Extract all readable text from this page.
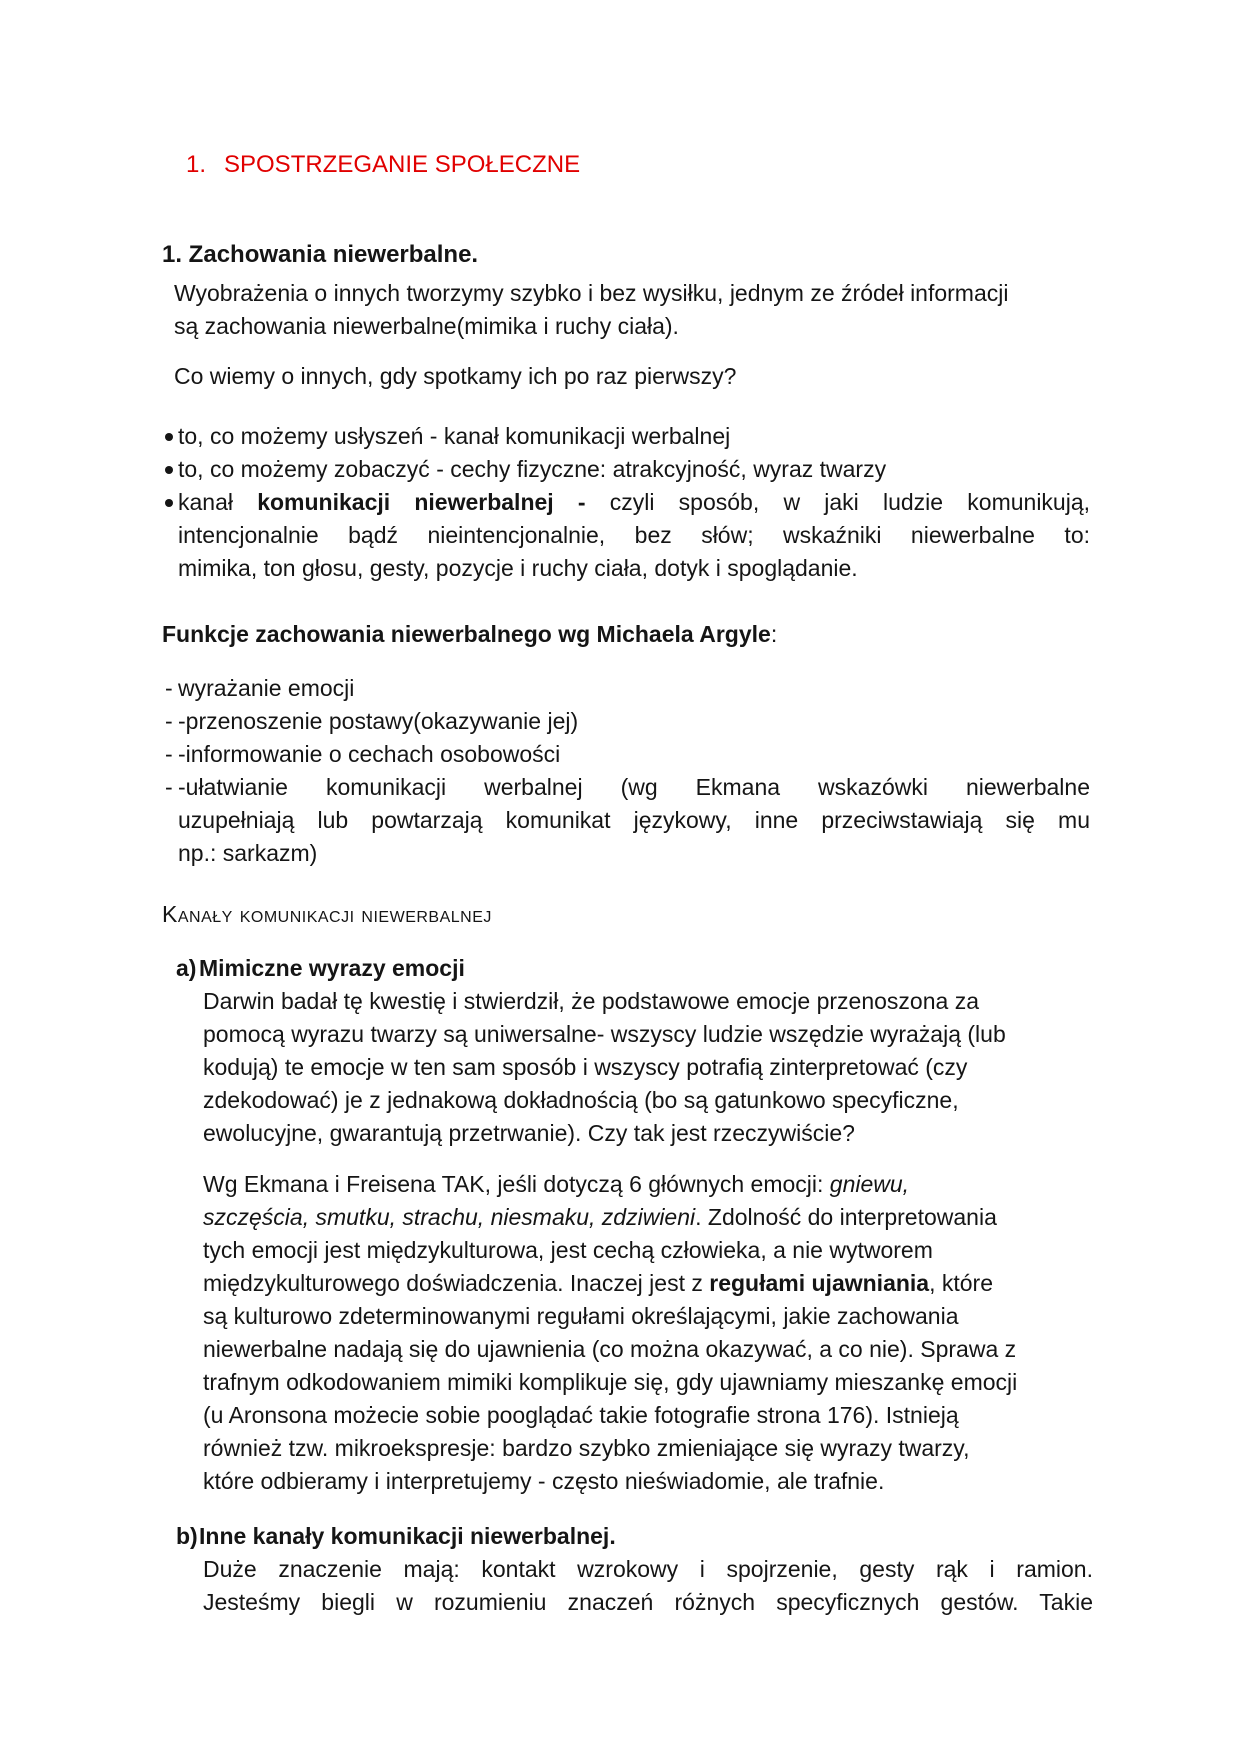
1. SPOSTRZEGANIE SPOŁECZNE
1. Zachowania niewerbalne.
Wyobrażenia o innych tworzymy szybko i bez wysiłku, jednym ze źródeł informacji
są zachowania niewerbalne(mimika i ruchy ciała).
Co wiemy o innych, gdy spotkamy ich po raz pierwszy?
to, co możemy usłyszeń - kanał komunikacji werbalnej
to, co możemy zobaczyć - cechy fizyczne: atrakcyjność, wyraz twarzy
kanał komunikacji niewerbalnej - czyli sposób, w jaki ludzie komunikują,
intencjonalnie bądź nieintencjonalnie, bez słów; wskaźniki niewerbalne to:
mimika, ton głosu, gesty, pozycje i ruchy ciała, dotyk i spoglądanie.
Funkcje zachowania niewerbalnego wg Michaela Argyle:
- wyrażanie emocji
- -przenoszenie postawy(okazywanie jej)
- -informowanie o cechach osobowości
- -ułatwianie komunikacji werbalnej (wg Ekmana wskazówki niewerbalne
uzupełniają lub powtarzają komunikat językowy, inne przeciwstawiają się mu
np.: sarkazm)
Kanały komunikacji niewerbalnej
a) Mimiczne wyrazy emocji
Darwin badał tę kwestię i stwierdził, że podstawowe emocje przenoszona za
pomocą wyrazu twarzy są uniwersalne- wszyscy ludzie wszędzie wyrażają (lub
kodują) te emocje w ten sam sposób i wszyscy potrafią zinterpretować (czy
zdekodować) je z jednakową dokładnością (bo są gatunkowo specyficzne,
ewolucyjne, gwarantują przetrwanie). Czy tak jest rzeczywiście?
Wg Ekmana i Freisena TAK, jeśli dotyczą 6 głównych emocji: gniewu,
szczęścia, smutku, strachu, niesmaku, zdziwieni. Zdolność do interpretowania
tych emocji jest międzykulturowa, jest cechą człowieka, a nie wytworem
międzykulturowego doświadczenia. Inaczej jest z regułami ujawniania, które
są kulturowo zdeterminowanymi regułami określającymi, jakie zachowania
niewerbalne nadają się do ujawnienia (co można okazywać, a co nie). Sprawa z
trafnym odkodowaniem mimiki komplikuje się, gdy ujawniamy mieszankę emocji
(u Aronsona możecie sobie pooglądać takie fotografie strona 176). Istnieją
również tzw. mikroekspresje: bardzo szybko zmieniające się wyrazy twarzy,
które odbieramy i interpretujemy - często nieświadomie, ale trafnie.
b)Inne kanały komunikacji niewerbalnej.
Duże znaczenie mają: kontakt wzrokowy i spojrzenie, gesty rąk i ramion.
Jesteśmy biegli w rozumieniu znaczeń różnych specyficznych gestów. Takie
